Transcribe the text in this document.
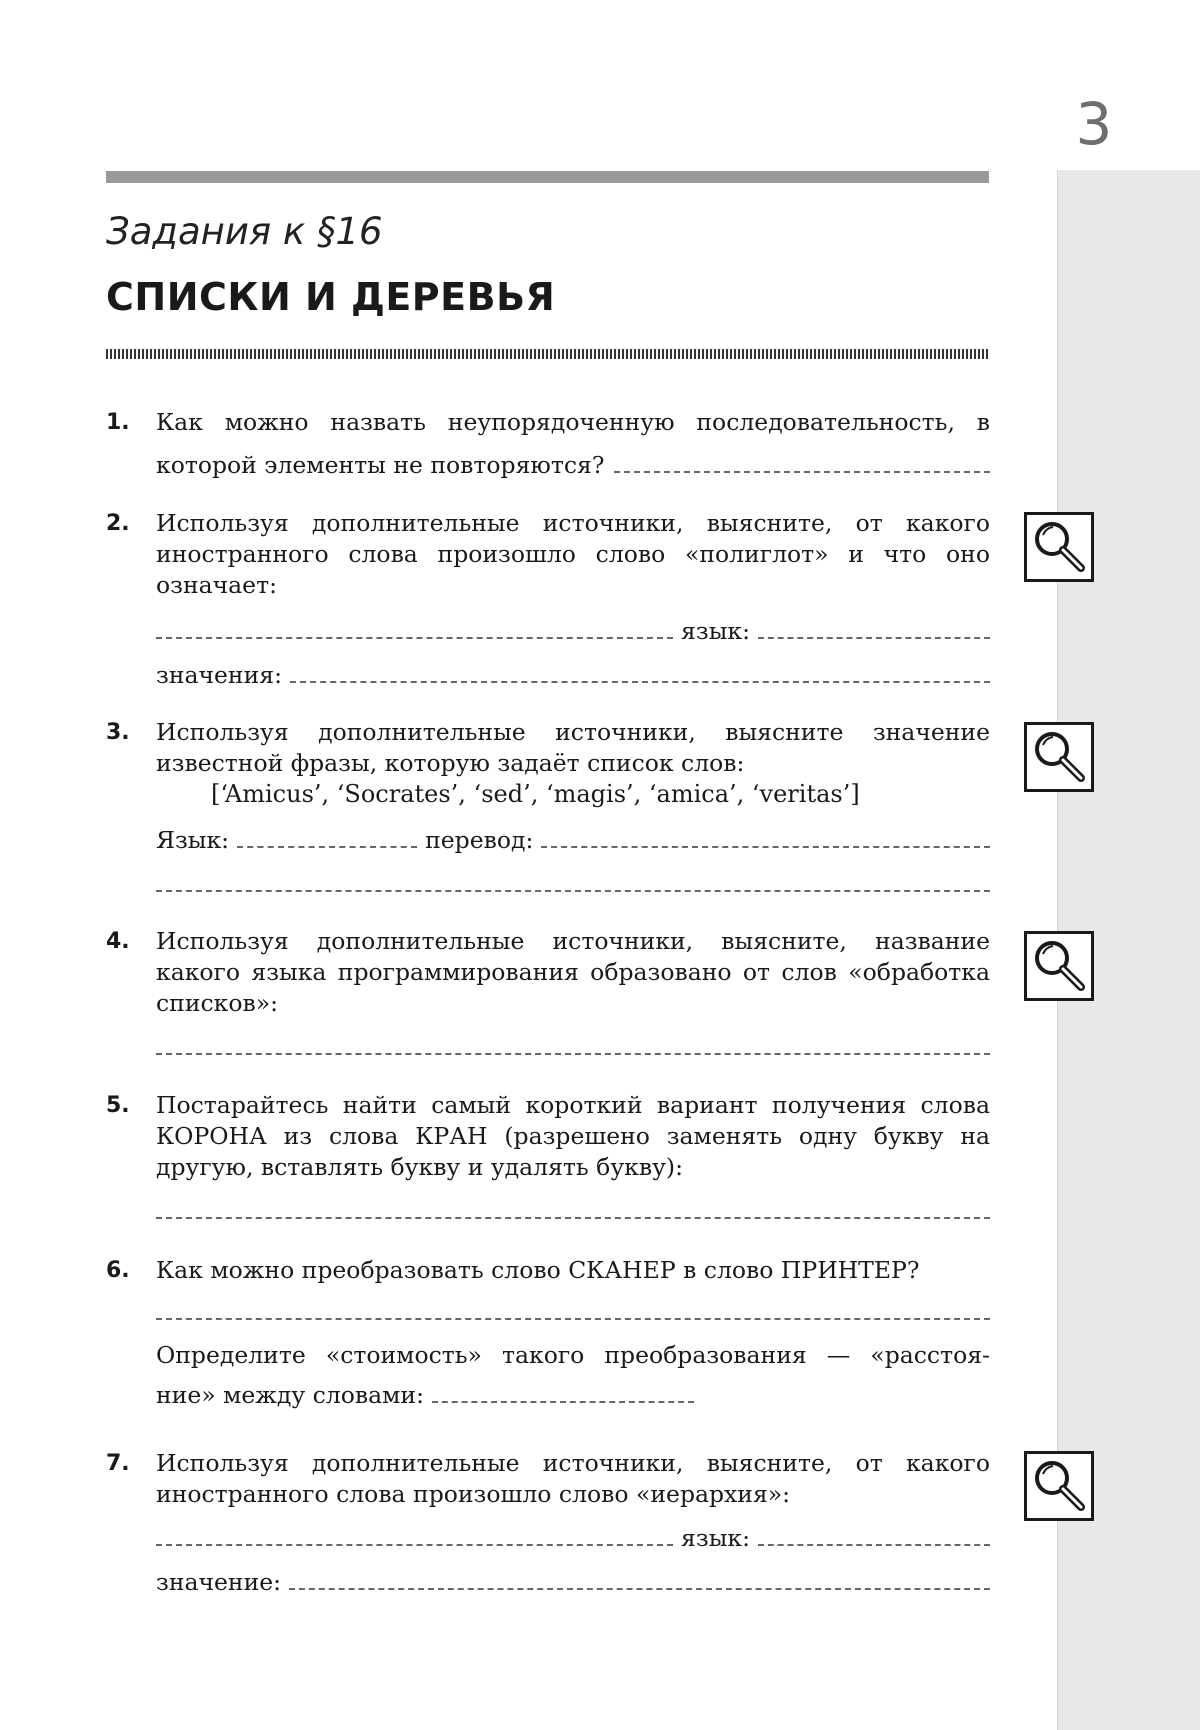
3
Задания к §16
СПИСКИ И ДЕРЕВЬЯ
1.	Как можно назвать неупорядоченную последовательность, в
которой элементы не повторяются?
2.	Используя дополнительные источники, выясните, от какого иностранного слова произошло слово «полиглот» и что оно означает:
язык:
значения:
3.	Используя дополнительные источники, выясните значение известной фразы, которую задаёт список слов:
[‘Amicus’, ‘Socrates’, ‘sed’, ‘magis’, ‘amica’, ‘veritas’]
Язык:	перевод:
4.	Используя дополнительные источники, выясните, название какого языка программирования образовано от слов «обработка списков»:
5.	Постарайтесь найти самый короткий вариант получения слова КОРОНА из слова КРАН (разрешено заменять одну букву на другую, вставлять букву и удалять букву):
6.	Как можно преобразовать слово СКАНЕР в слово ПРИНТЕР?
Определите «стоимость» такого преобразования — «расстоя-
ние» между словами:
7.	Используя дополнительные источники, выясните, от какого иностранного слова произошло слово «иерархия»:
язык:
значение:
